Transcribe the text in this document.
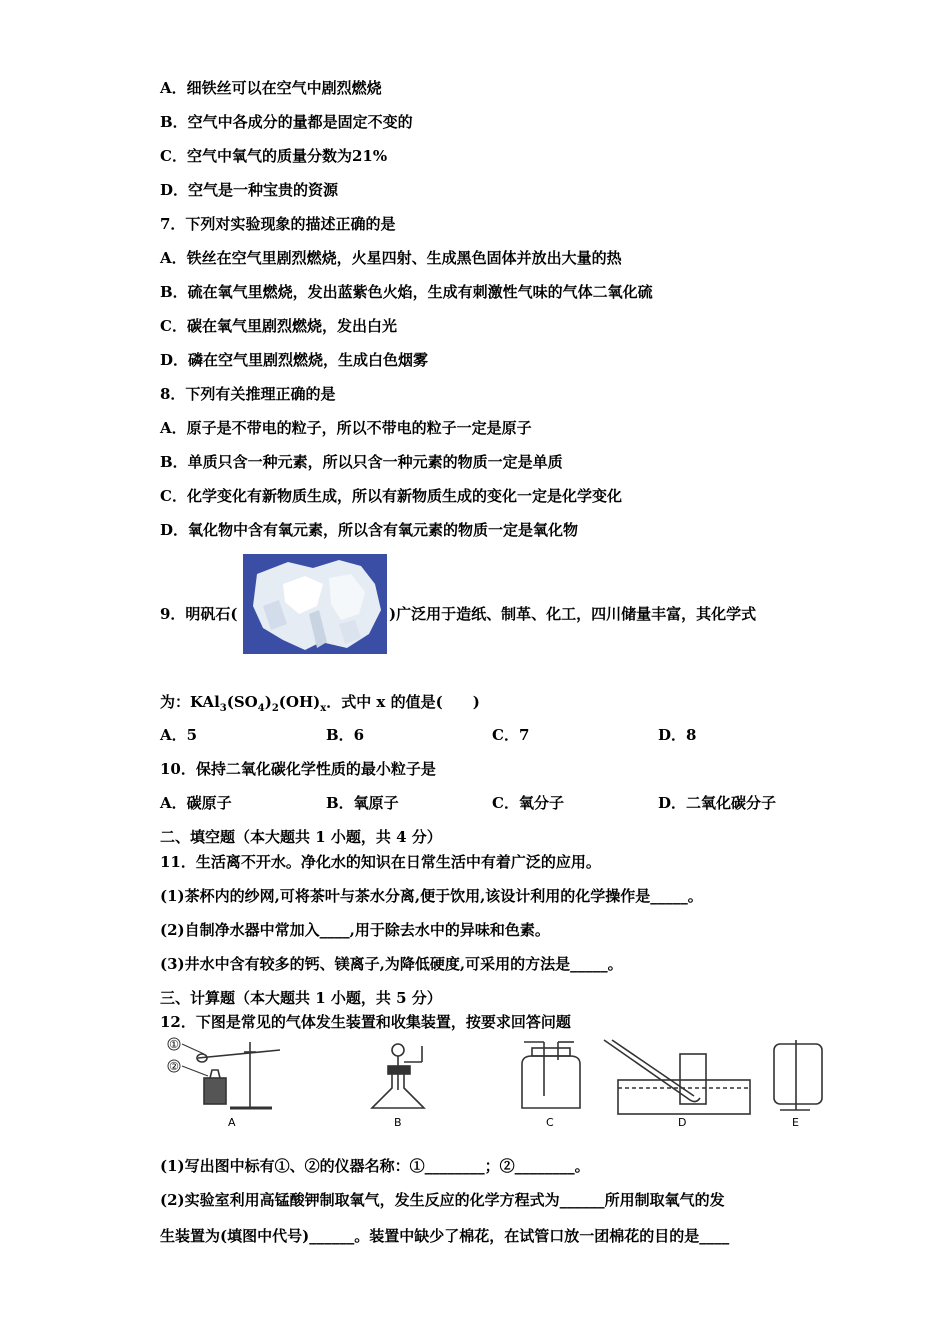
A．细铁丝可以在空气中剧烈燃烧
B．空气中各成分的量都是固定不变的
C．空气中氧气的质量分数为21%
D．空气是一种宝贵的资源
7．下列对实验现象的描述正确的是
A．铁丝在空气里剧烈燃烧，火星四射、生成黑色固体并放出大量的热
B．硫在氧气里燃烧，发出蓝紫色火焰，生成有刺激性气味的气体二氧化硫
C．碳在氧气里剧烈燃烧，发出白光
D．磷在空气里剧烈燃烧，生成白色烟雾
8．下列有关推理正确的是
A．原子是不带电的粒子，所以不带电的粒子一定是原子
B．单质只含一种元素，所以只含一种元素的物质一定是单质
C．化学变化有新物质生成，所以有新物质生成的变化一定是化学变化
D．氧化物中含有氧元素，所以含有氧元素的物质一定是氧化物
9．明矾石(	)广泛用于造纸、制革、化工，四川储量丰富，其化学式
为：$KAl_3(SO_4)_2(OH)_x$．式中 x 的值是(　　)
A．5	B．6	C．7	D．8
10．保持二氧化碳化学性质的最小粒子是
A．碳原子	B．氧原子	C．氧分子	D．二氧化碳分子
二、填空题（本大题共 1 小题，共 4 分）
11．生活离不开水。净化水的知识在日常生活中有着广泛的应用。
(1)茶杯内的纱网,可将茶叶与茶水分离,便于饮用,该设计利用的化学操作是_____。
(2)自制净水器中常加入____,用于除去水中的异味和色素。
(3)井水中含有较多的钙、镁离子,为降低硬度,可采用的方法是_____。
三、计算题（本大题共 1 小题，共 5 分）
12．下图是常见的气体发生装置和收集装置，按要求回答问题
A	B	C	D	E
①
②
(1)写出图中标有①、②的仪器名称：①________；②________。
(2)实验室利用高锰酸钾制取氧气，发生反应的化学方程式为______所用制取氧气的发
生装置为(填图中代号)______。装置中缺少了棉花，在试管口放一团棉花的目的是____
